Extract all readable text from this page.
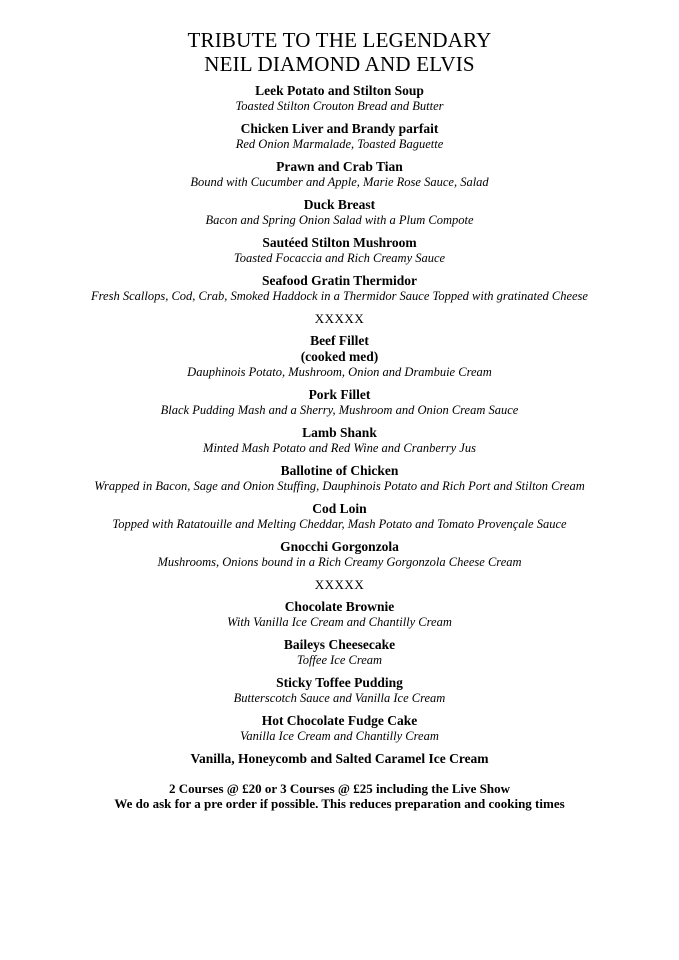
TRIBUTE TO THE LEGENDARY
NEIL DIAMOND AND ELVIS
Leek Potato and Stilton Soup
Toasted Stilton Crouton Bread and Butter
Chicken Liver and Brandy parfait
Red Onion Marmalade, Toasted Baguette
Prawn and Crab Tian
Bound with Cucumber and Apple, Marie Rose Sauce, Salad
Duck Breast
Bacon and Spring Onion Salad with a Plum Compote
Sautéed Stilton Mushroom
Toasted Focaccia and Rich Creamy Sauce
Seafood Gratin Thermidor
Fresh Scallops, Cod, Crab, Smoked Haddock in a Thermidor Sauce Topped with gratinated Cheese
XXXXX
Beef Fillet
(cooked med)
Dauphinois Potato, Mushroom, Onion and Drambuie Cream
Pork Fillet
Black Pudding Mash and a Sherry, Mushroom and Onion Cream Sauce
Lamb Shank
Minted Mash Potato and Red Wine and Cranberry Jus
Ballotine of Chicken
Wrapped in Bacon, Sage and Onion Stuffing, Dauphinois Potato and Rich Port and Stilton Cream
Cod Loin
Topped with Ratatouille and Melting Cheddar, Mash Potato and Tomato Provençale Sauce
Gnocchi Gorgonzola
Mushrooms, Onions bound in a Rich Creamy Gorgonzola Cheese Cream
XXXXX
Chocolate Brownie
With Vanilla Ice Cream and Chantilly Cream
Baileys Cheesecake
Toffee Ice Cream
Sticky Toffee Pudding
Butterscotch Sauce and Vanilla Ice Cream
Hot Chocolate Fudge Cake
Vanilla Ice Cream and Chantilly Cream
Vanilla, Honeycomb and Salted Caramel Ice Cream
2 Courses @ £20 or 3 Courses @ £25 including the Live Show
We do ask for a pre order if possible. This reduces preparation and cooking times
